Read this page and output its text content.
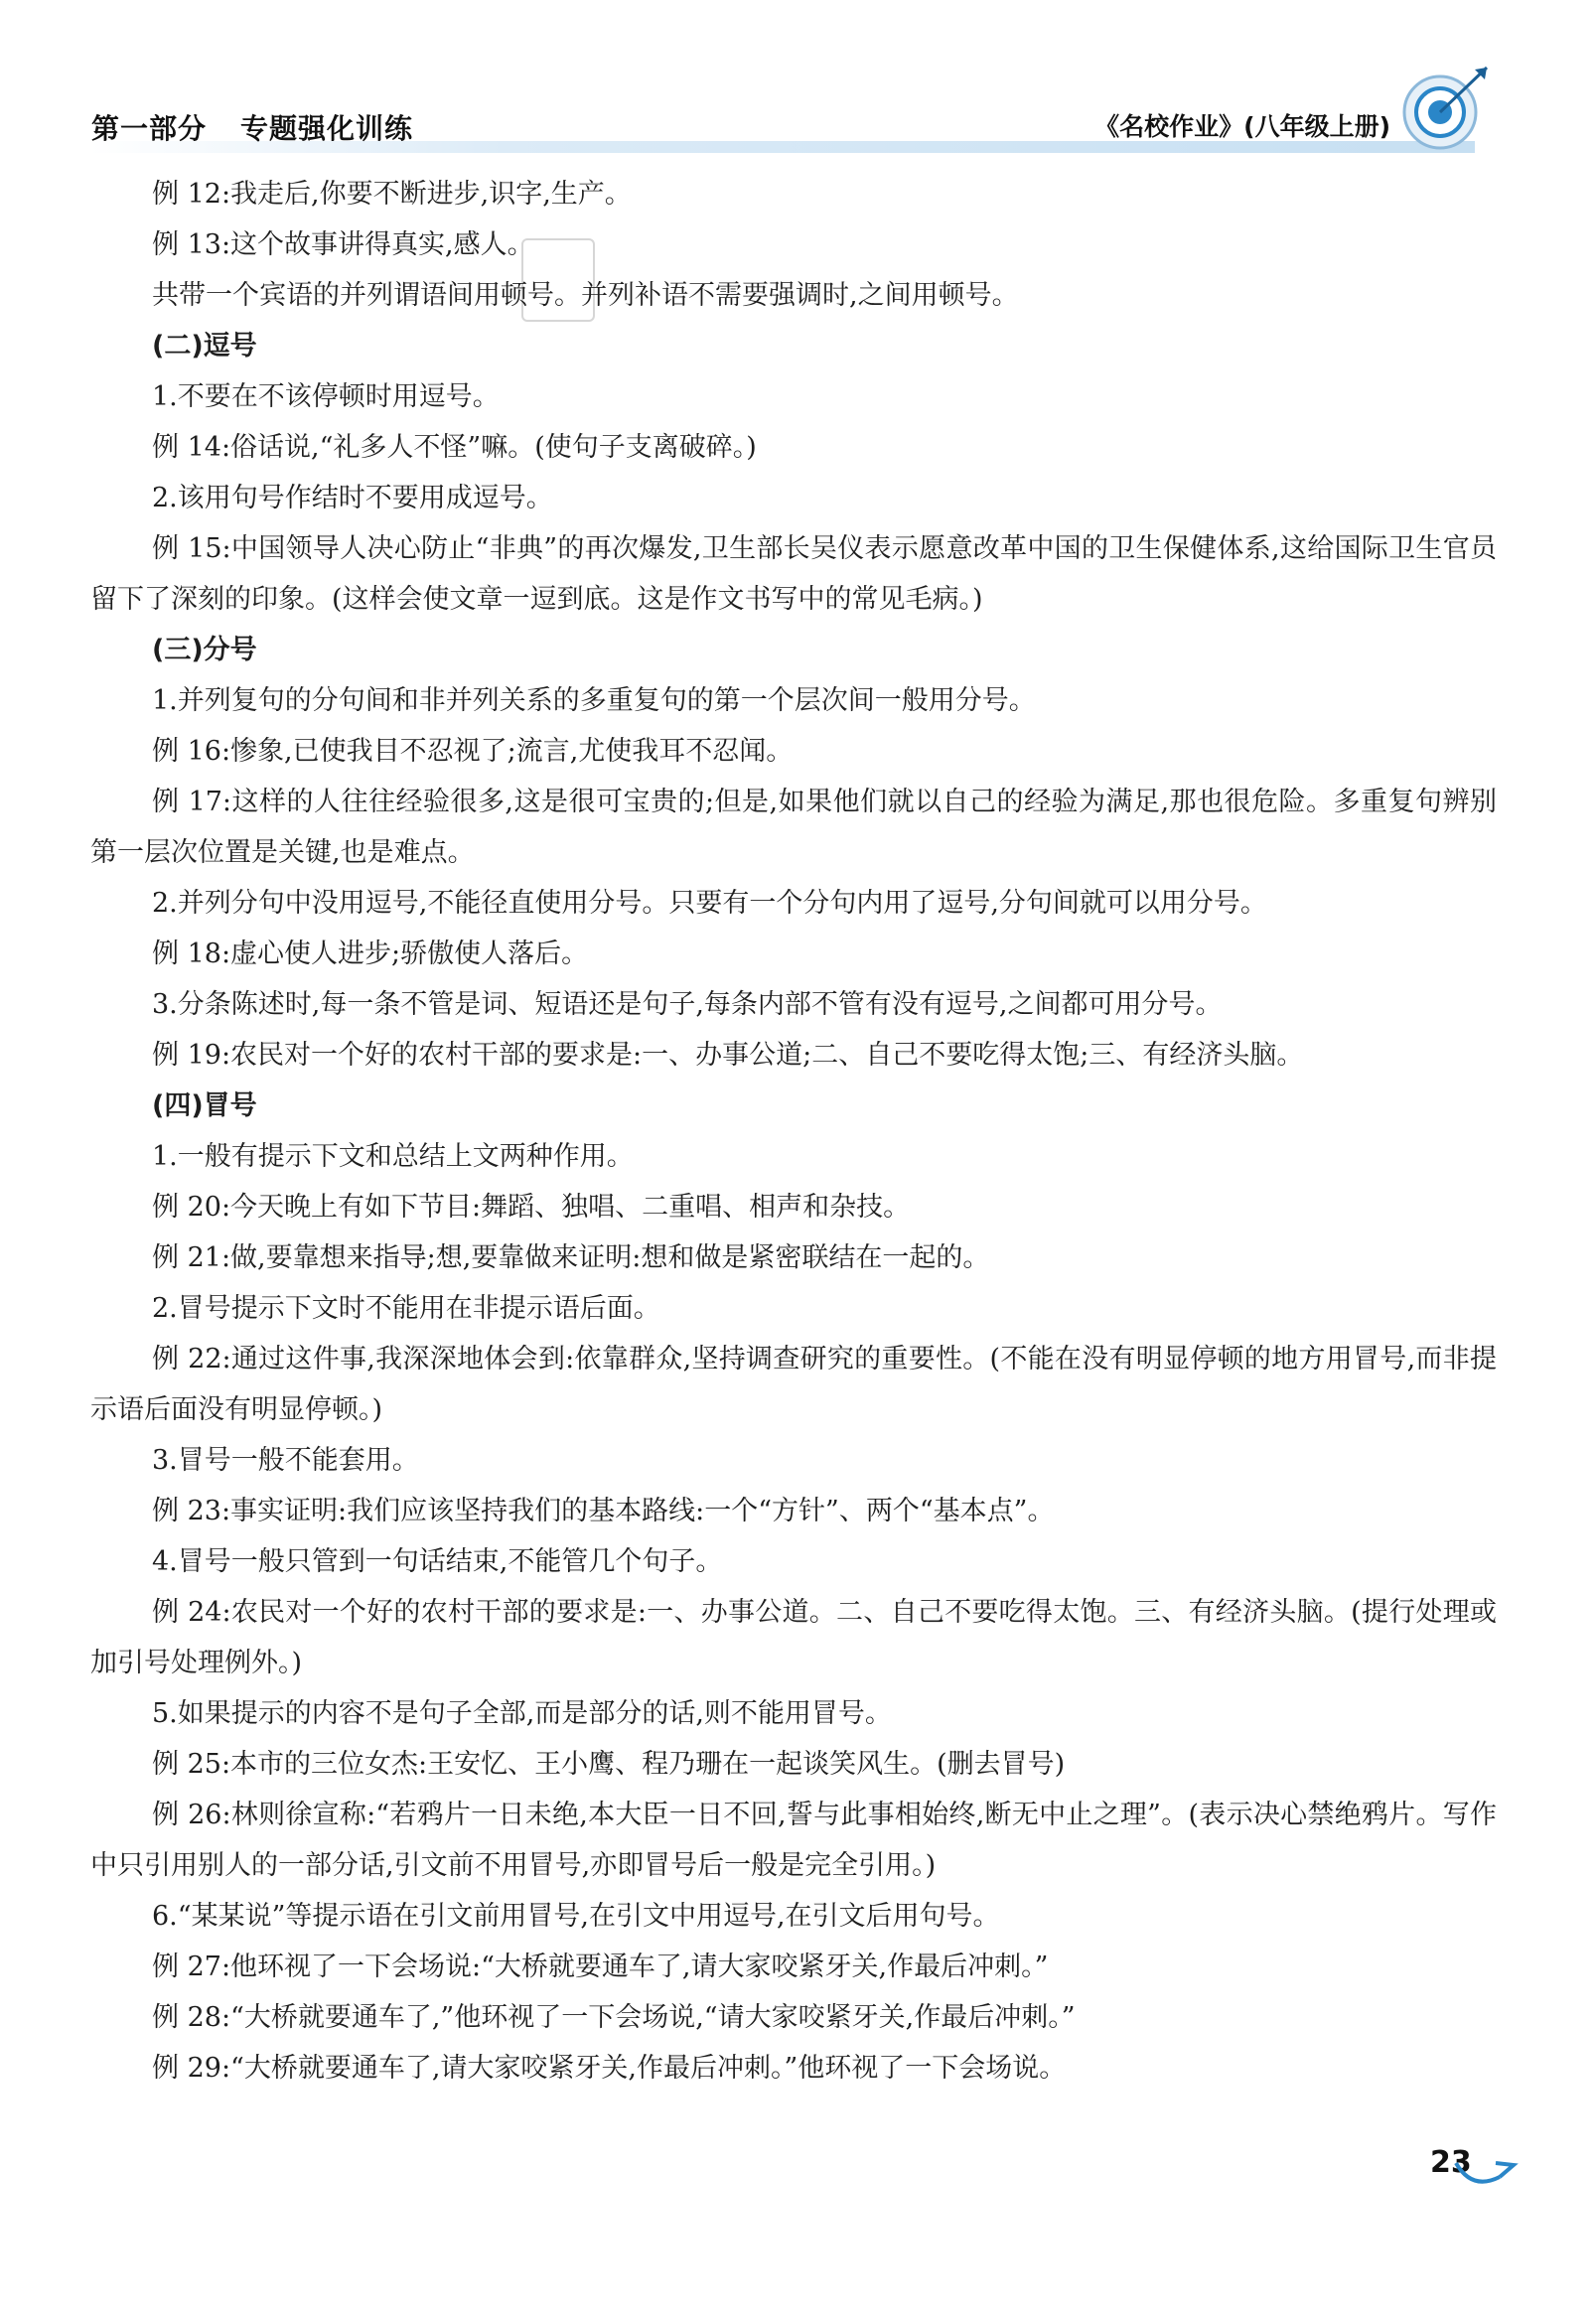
第一部分 专题强化训练	《名校作业》(八年级上册)

例 12:我走后,你要不断进步,识字,生产。

例 13:这个故事讲得真实,感人。

共带一个宾语的并列谓语间用顿号。并列补语不需要强调时,之间用顿号。

(二)逗号

1.不要在不该停顿时用逗号。

例 14:俗话说,“礼多人不怪”嘛。(使句子支离破碎。)

2.该用句号作结时不要用成逗号。

例 15:中国领导人决心防止“非典”的再次爆发,卫生部长吴仪表示愿意改革中国的卫生保健体系,这给国际卫生官员留下了深刻的印象。(这样会使文章一逗到底。这是作文书写中的常见毛病。)

(三)分号

1.并列复句的分句间和非并列关系的多重复句的第一个层次间一般用分号。

例 16:惨象,已使我目不忍视了;流言,尤使我耳不忍闻。

例 17:这样的人往往经验很多,这是很可宝贵的;但是,如果他们就以自己的经验为满足,那也很危险。多重复句辨别第一层次位置是关键,也是难点。

2.并列分句中没用逗号,不能径直使用分号。只要有一个分句内用了逗号,分句间就可以用分号。

例 18:虚心使人进步;骄傲使人落后。

3.分条陈述时,每一条不管是词、短语还是句子,每条内部不管有没有逗号,之间都可用分号。

例 19:农民对一个好的农村干部的要求是:一、办事公道;二、自己不要吃得太饱;三、有经济头脑。

(四)冒号

1.一般有提示下文和总结上文两种作用。

例 20:今天晚上有如下节目:舞蹈、独唱、二重唱、相声和杂技。

例 21:做,要靠想来指导;想,要靠做来证明:想和做是紧密联结在一起的。

2.冒号提示下文时不能用在非提示语后面。

例 22:通过这件事,我深深地体会到:依靠群众,坚持调查研究的重要性。(不能在没有明显停顿的地方用冒号,而非提示语后面没有明显停顿。)

3.冒号一般不能套用。

例 23:事实证明:我们应该坚持我们的基本路线:一个“方针”、两个“基本点”。

4.冒号一般只管到一句话结束,不能管几个句子。

例 24:农民对一个好的农村干部的要求是:一、办事公道。二、自己不要吃得太饱。三、有经济头脑。(提行处理或加引号处理例外。)

5.如果提示的内容不是句子全部,而是部分的话,则不能用冒号。

例 25:本市的三位女杰:王安忆、王小鹰、程乃珊在一起谈笑风生。(删去冒号)

例 26:林则徐宣称:“若鸦片一日未绝,本大臣一日不回,誓与此事相始终,断无中止之理”。(表示决心禁绝鸦片。写作中只引用别人的一部分话,引文前不用冒号,亦即冒号后一般是完全引用。)

6.“某某说”等提示语在引文前用冒号,在引文中用逗号,在引文后用句号。

例 27:他环视了一下会场说:“大桥就要通车了,请大家咬紧牙关,作最后冲刺。”

例 28:“大桥就要通车了,”他环视了一下会场说,“请大家咬紧牙关,作最后冲刺。”

例 29:“大桥就要通车了,请大家咬紧牙关,作最后冲刺。”他环视了一下会场说。

23
